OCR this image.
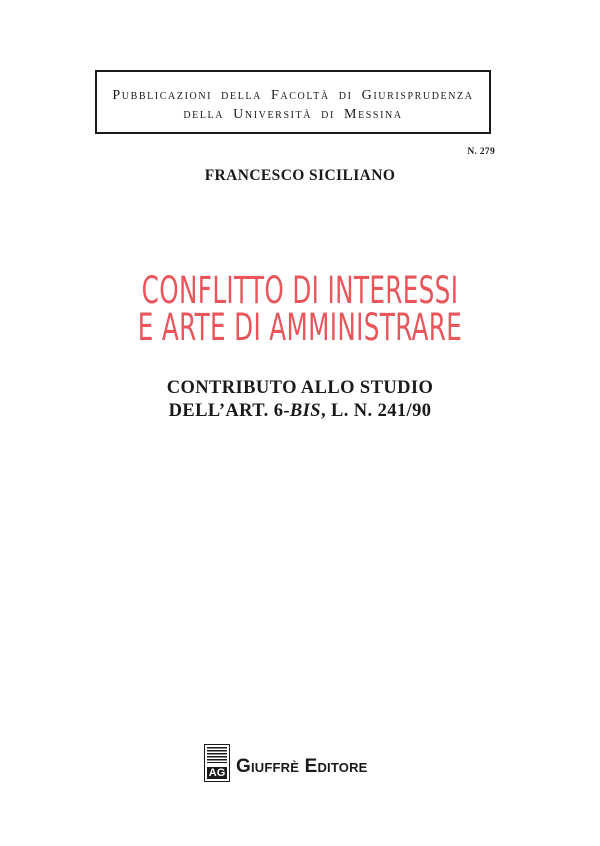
Pubblicazioni della Facoltà di Giurisprudenza
della Università di Messina
N. 279
FRANCESCO SICILIANO
CONFLITTO DI INTERESSI
E ARTE DI AMMINISTRARE
CONTRIBUTO ALLO STUDIO
DELL’ART. 6-BIS, L. N. 241/90
AG Giuffrè Editore
